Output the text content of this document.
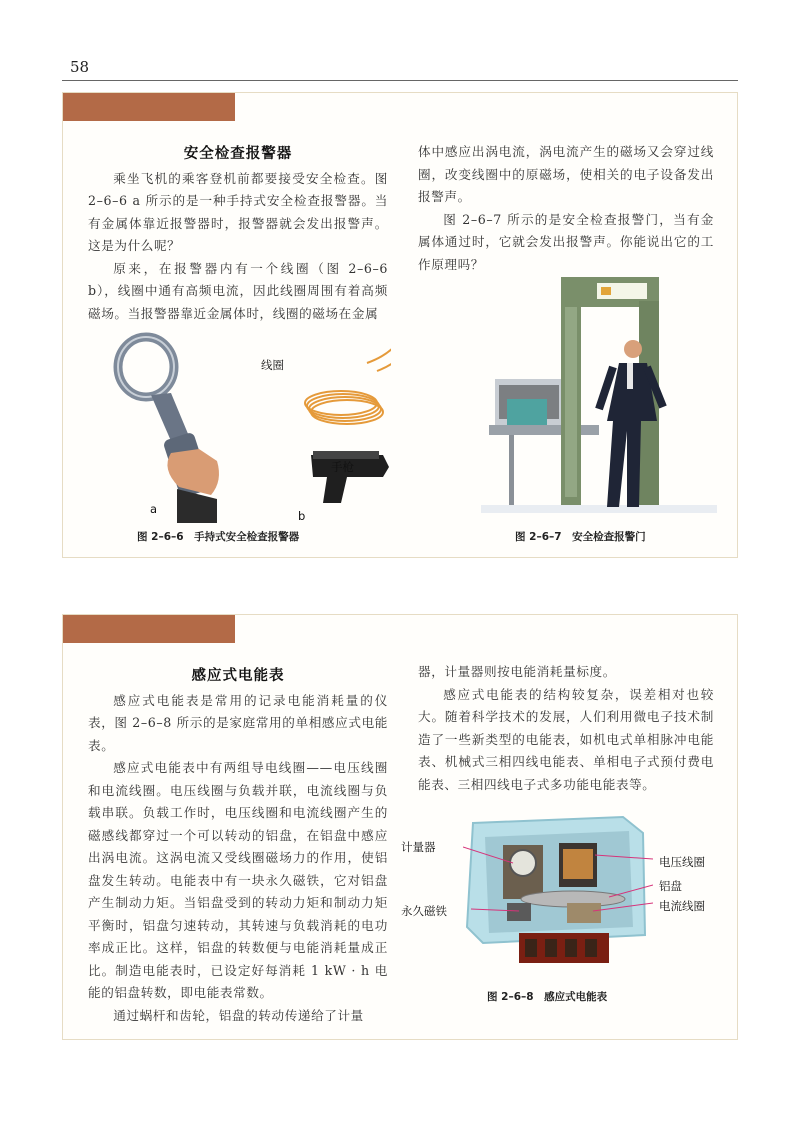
58
安全检查报警器

乘坐飞机的乘客登机前都要接受安全检查。图 2–6–6 a 所示的是一种手持式安全检查报警器。当有金属体靠近报警器时，报警器就会发出报警声。这是为什么呢？

原来，在报警器内有一个线圈（图 2–6–6 b），线圈中通有高频电流，因此线圈周围有着高频磁场。当报警器靠近金属体时，线圈的磁场在金属

体中感应出涡电流，涡电流产生的磁场又会穿过线圈，改变线圈中的原磁场，使相关的电子设备发出报警声。

图 2–6–7 所示的是安全检查报警门，当有金属体通过时，它就会发出报警声。你能说出它的工作原理吗？

线圈
手枪
a	b
图 2–6–6　手持式安全检查报警器	图 2–6–7　安全检查报警门
感应式电能表

感应式电能表是常用的记录电能消耗量的仪表，图 2–6–8 所示的是家庭常用的单相感应式电能表。

感应式电能表中有两组导电线圈——电压线圈和电流线圈。电压线圈与负载并联，电流线圈与负载串联。负载工作时，电压线圈和电流线圈产生的磁感线都穿过一个可以转动的铝盘，在铝盘中感应出涡电流。这涡电流又受线圈磁场力的作用，使铝盘发生转动。电能表中有一块永久磁铁，它对铝盘产生制动力矩。当铝盘受到的转动力矩和制动力矩平衡时，铝盘匀速转动，其转速与负载消耗的电功率成正比。这样，铝盘的转数便与电能消耗量成正比。制造电能表时，已设定好每消耗 1 kW · h 电能的铝盘转数，即电能表常数。

通过蜗杆和齿轮，铝盘的转动传递给了计量

器，计量器则按电能消耗量标度。

感应式电能表的结构较复杂，误差相对也较大。随着科学技术的发展，人们利用微电子技术制造了一些新类型的电能表，如机电式单相脉冲电能表、机械式三相四线电能表、单相电子式预付费电能表、三相四线电子式多功能电能表等。

计量器
永久磁铁
电压线圈
铝盘
电流线圈
图 2–6–8　感应式电能表
